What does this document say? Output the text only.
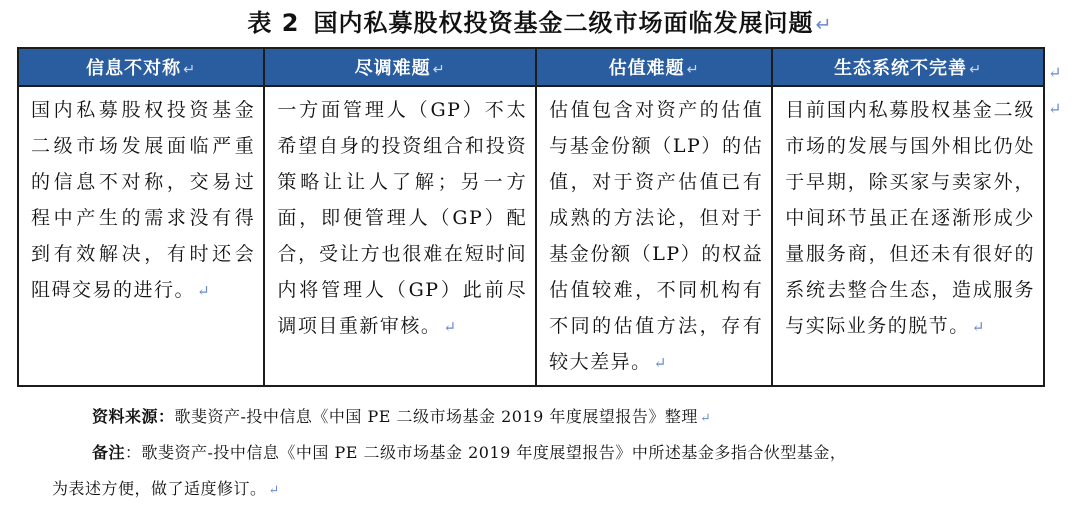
表 2 国内私募股权投资基金二级市场面临发展问题 ↵
信息不对称 ↵	尽调难题 ↵	估值难题 ↵	生态系统不完善 ↵
国内私募股权投资基金二级市场发展面临严重的信息不对称，交易过程中产生的需求没有得到有效解决，有时还会阻碍交易的进行。 ↵	一方面管理人（GP）不太希望自身的投资组合和投资策略让让人了解；另一方面，即便管理人（GP）配合，受让方也很难在短时间内将管理人（GP）此前尽调项目重新审核。 ↵	估值包含对资产的估值与基金份额（LP）的估值，对于资产估值已有成熟的方法论，但对于基金份额（LP）的权益估值较难，不同机构有不同的估值方法，存有较大差异。 ↵	目前国内私募股权基金二级市场的发展与国外相比仍处于早期，除买家与卖家外，中间环节虽正在逐渐形成少量服务商，但还未有很好的系统去整合生态，造成服务与实际业务的脱节。 ↵
↵
↵
资料来源：歌斐资产-投中信息《中国 PE 二级市场基金 2019 年度展望报告》整理 ↵
备注：歌斐资产-投中信息《中国 PE 二级市场基金 2019 年度展望报告》中所述基金多指合伙型基金，
为表述方便，做了适度修订。 ↵
